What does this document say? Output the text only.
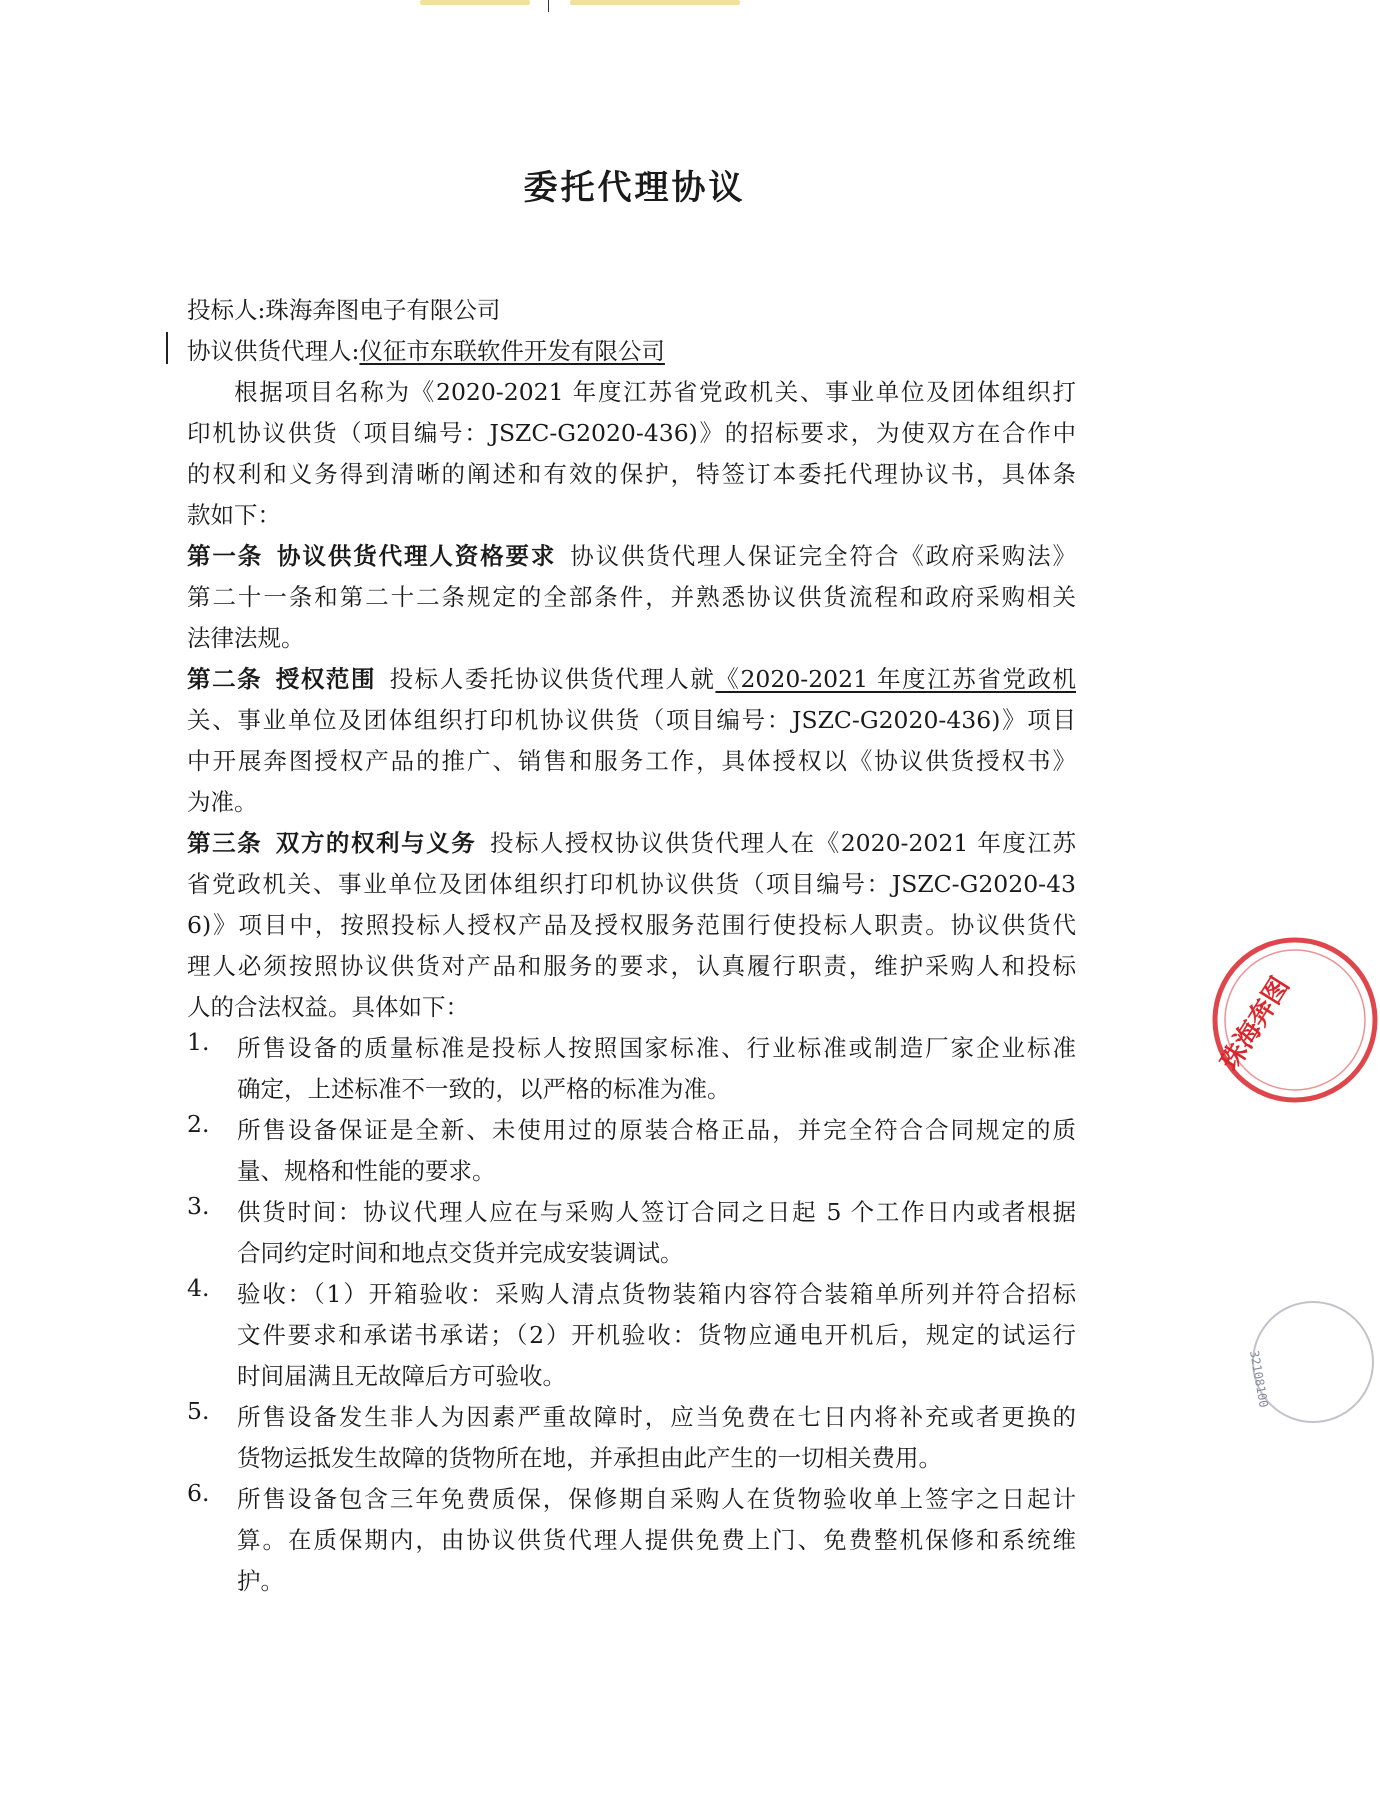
委托代理协议
投标人:珠海奔图电子有限公司
协议供货代理人:仪征市东联软件开发有限公司
根据项目名称为《2020-2021 年度江苏省党政机关、事业单位及团体组织打
印机协议供货（项目编号：JSZC-G2020-436)》的招标要求，为使双方在合作中
的权利和义务得到清晰的阐述和有效的保护，特签订本委托代理协议书，具体条
款如下：
第一条 协议供货代理人资格要求 协议供货代理人保证完全符合《政府采购法》
第二十一条和第二十二条规定的全部条件，并熟悉协议供货流程和政府采购相关
法律法规。
第二条 授权范围 投标人委托协议供货代理人就《2020-2021 年度江苏省党政机
关、事业单位及团体组织打印机协议供货（项目编号：JSZC-G2020-436)》项目
中开展奔图授权产品的推广、销售和服务工作，具体授权以《协议供货授权书》
为准。
第三条 双方的权利与义务 投标人授权协议供货代理人在《2020-2021 年度江苏
省党政机关、事业单位及团体组织打印机协议供货（项目编号：JSZC-G2020-43
6)》项目中，按照投标人授权产品及授权服务范围行使投标人职责。协议供货代
理人必须按照协议供货对产品和服务的要求，认真履行职责，维护采购人和投标
人的合法权益。具体如下：
1.	所售设备的质量标准是投标人按照国家标准、行业标准或制造厂家企业标准
确定，上述标准不一致的，以严格的标准为准。
2.	所售设备保证是全新、未使用过的原装合格正品，并完全符合合同规定的质
量、规格和性能的要求。
3.	供货时间：协议代理人应在与采购人签订合同之日起 5 个工作日内或者根据
合同约定时间和地点交货并完成安装调试。
4.	验收：（1）开箱验收：采购人清点货物装箱内容符合装箱单所列并符合招标
文件要求和承诺书承诺；（2）开机验收：货物应通电开机后，规定的试运行
时间届满且无故障后方可验收。
5.	所售设备发生非人为因素严重故障时，应当免费在七日内将补充或者更换的
货物运抵发生故障的货物所在地，并承担由此产生的一切相关费用。
6.	所售设备包含三年免费质保，保修期自采购人在货物验收单上签字之日起计
算。在质保期内，由协议供货代理人提供免费上门、免费整机保修和系统维
护。
珠海奔图
32108100
